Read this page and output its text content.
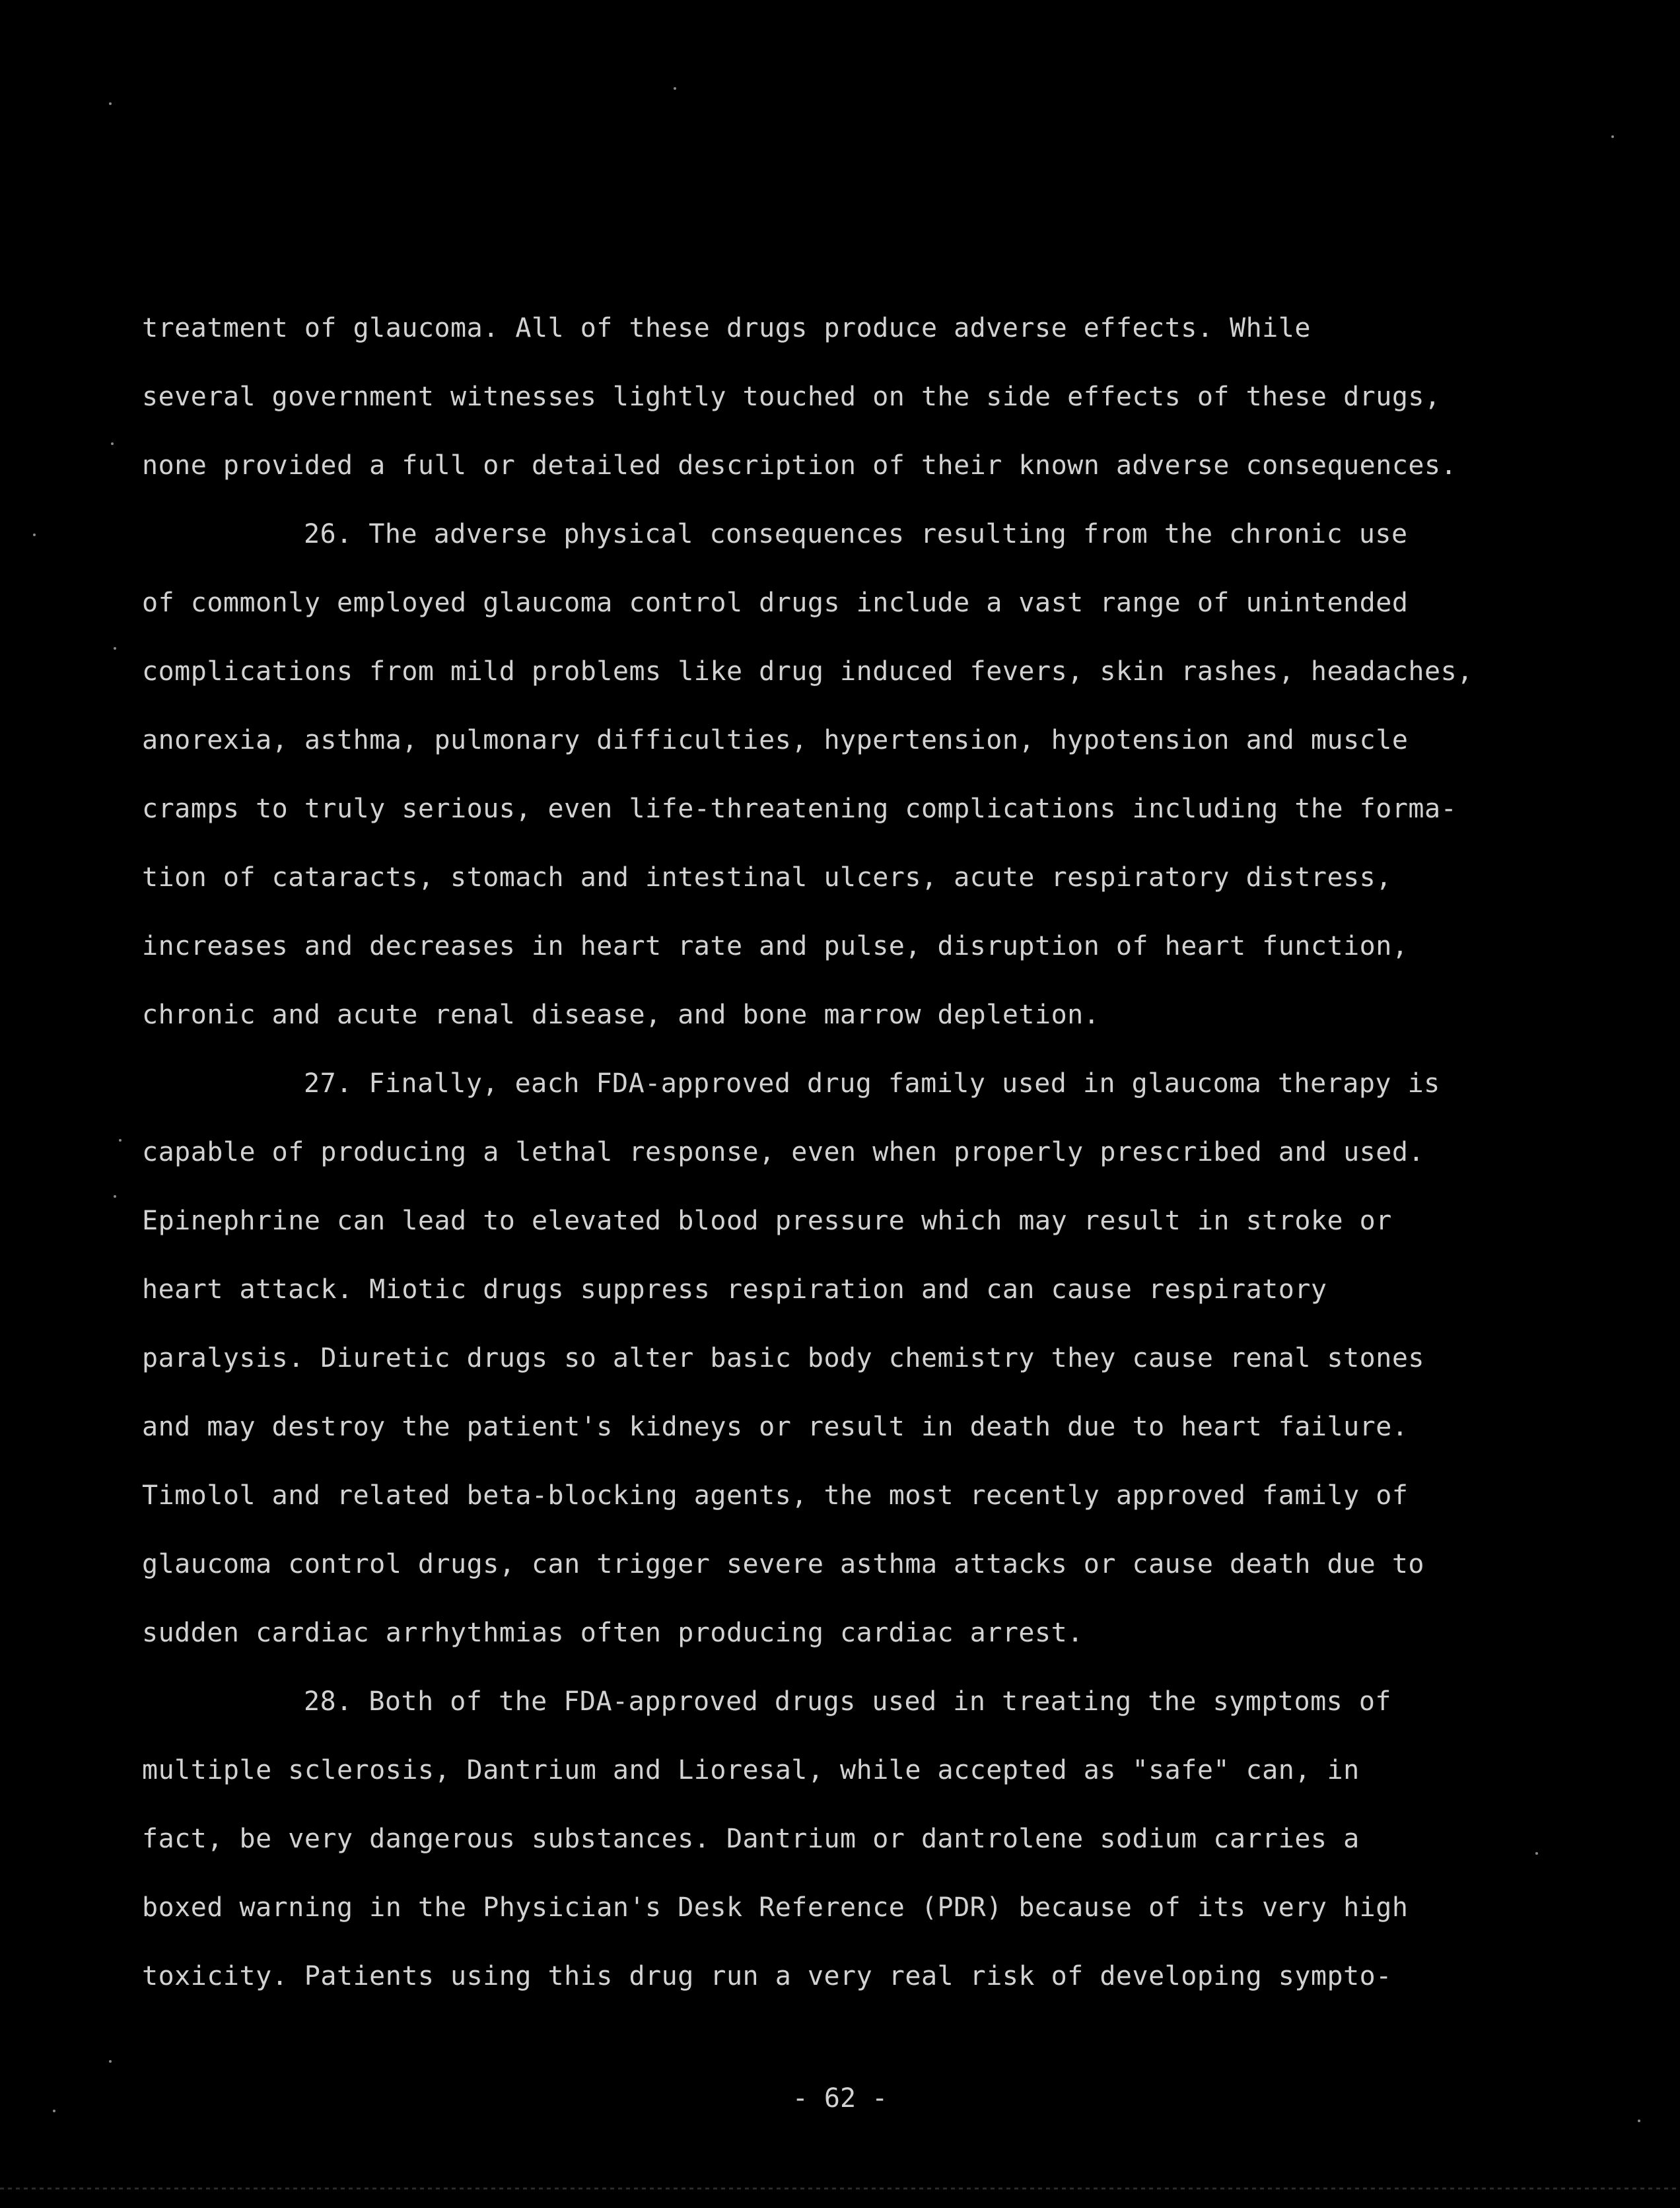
treatment of glaucoma. All of these drugs produce adverse effects. While
several government witnesses lightly touched on the side effects of these drugs,
none provided a full or detailed description of their known adverse consequences.
26. The adverse physical consequences resulting from the chronic use
of commonly employed glaucoma control drugs include a vast range of unintended
complications from mild problems like drug induced fevers, skin rashes, headaches,
anorexia, asthma, pulmonary difficulties, hypertension, hypotension and muscle
cramps to truly serious, even life-threatening complications including the forma-
tion of cataracts, stomach and intestinal ulcers, acute respiratory distress,
increases and decreases in heart rate and pulse, disruption of heart function,
chronic and acute renal disease, and bone marrow depletion.
27. Finally, each FDA-approved drug family used in glaucoma therapy is
capable of producing a lethal response, even when properly prescribed and used.
Epinephrine can lead to elevated blood pressure which may result in stroke or
heart attack. Miotic drugs suppress respiration and can cause respiratory
paralysis. Diuretic drugs so alter basic body chemistry they cause renal stones
and may destroy the patient's kidneys or result in death due to heart failure.
Timolol and related beta-blocking agents, the most recently approved family of
glaucoma control drugs, can trigger severe asthma attacks or cause death due to
sudden cardiac arrhythmias often producing cardiac arrest.
28. Both of the FDA-approved drugs used in treating the symptoms of
multiple sclerosis, Dantrium and Lioresal, while accepted as "safe" can, in
fact, be very dangerous substances. Dantrium or dantrolene sodium carries a
boxed warning in the Physician's Desk Reference (PDR) because of its very high
toxicity. Patients using this drug run a very real risk of developing sympto-
- 62 -
